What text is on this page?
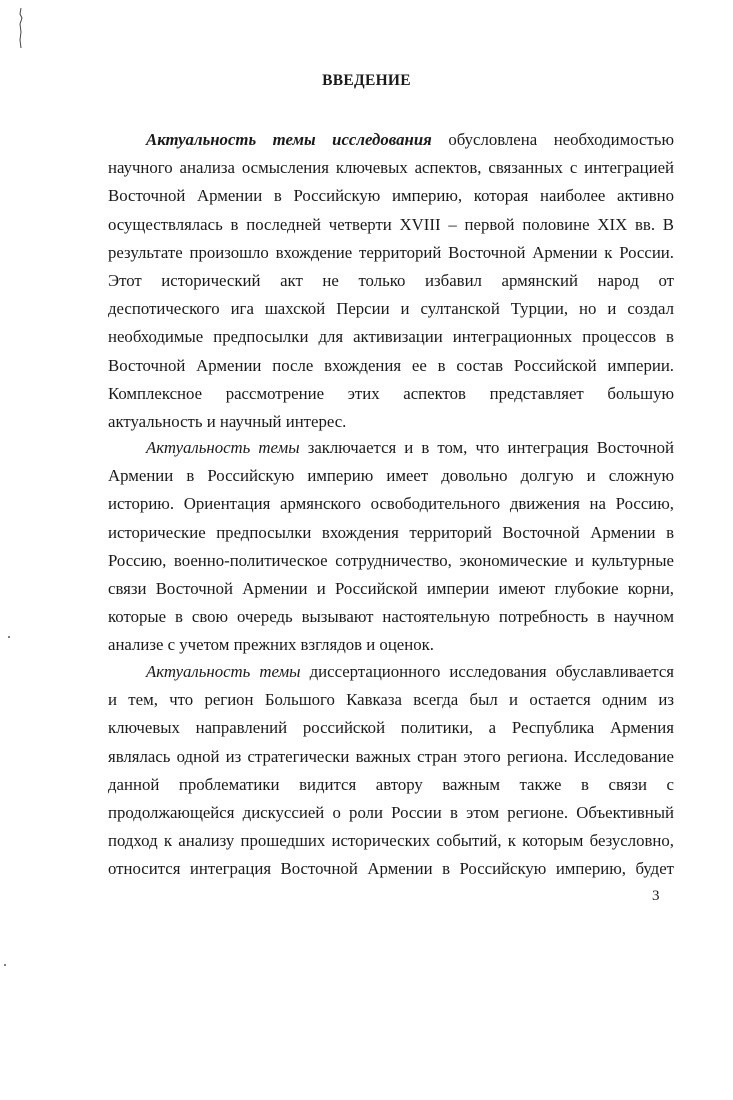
ВВЕДЕНИЕ
Актуальность темы исследования обусловлена необходимостью
научного анализа осмысления ключевых аспектов, связанных с интеграцией
Восточной Армении в Российскую империю, которая наиболее активно
осуществлялась в последней четверти XVIII – первой половине XIX вв. В
результате произошло вхождение территорий Восточной Армении к России.
Этот исторический акт не только избавил армянский народ от
деспотического ига шахской Персии и султанской Турции, но и создал
необходимые предпосылки для активизации интеграционных процессов в
Восточной Армении после вхождения ее в состав Российской империи.
Комплексное рассмотрение этих аспектов представляет большую
актуальность и научный интерес.
Актуальность темы заключается и в том, что интеграция Восточной
Армении в Российскую империю имеет довольно долгую и сложную
историю. Ориентация армянского освободительного движения на Россию,
исторические предпосылки вхождения территорий Восточной Армении в
Россию, военно-политическое сотрудничество, экономические и культурные
связи Восточной Армении и Российской империи имеют глубокие корни,
которые в свою очередь вызывают настоятельную потребность в научном
анализе с учетом прежних взглядов и оценок.
Актуальность темы диссертационного исследования обуславливается
и тем, что регион Большого Кавказа всегда был и остается одним из
ключевых направлений российской политики, а Республика Армения
являлась одной из стратегически важных стран этого региона. Исследование
данной проблематики видится автору важным также в связи с
продолжающейся дискуссией о роли России в этом регионе. Объективный
подход к анализу прошедших исторических событий, к которым безусловно,
относится интеграция Восточной Армении в Российскую империю, будет
3
